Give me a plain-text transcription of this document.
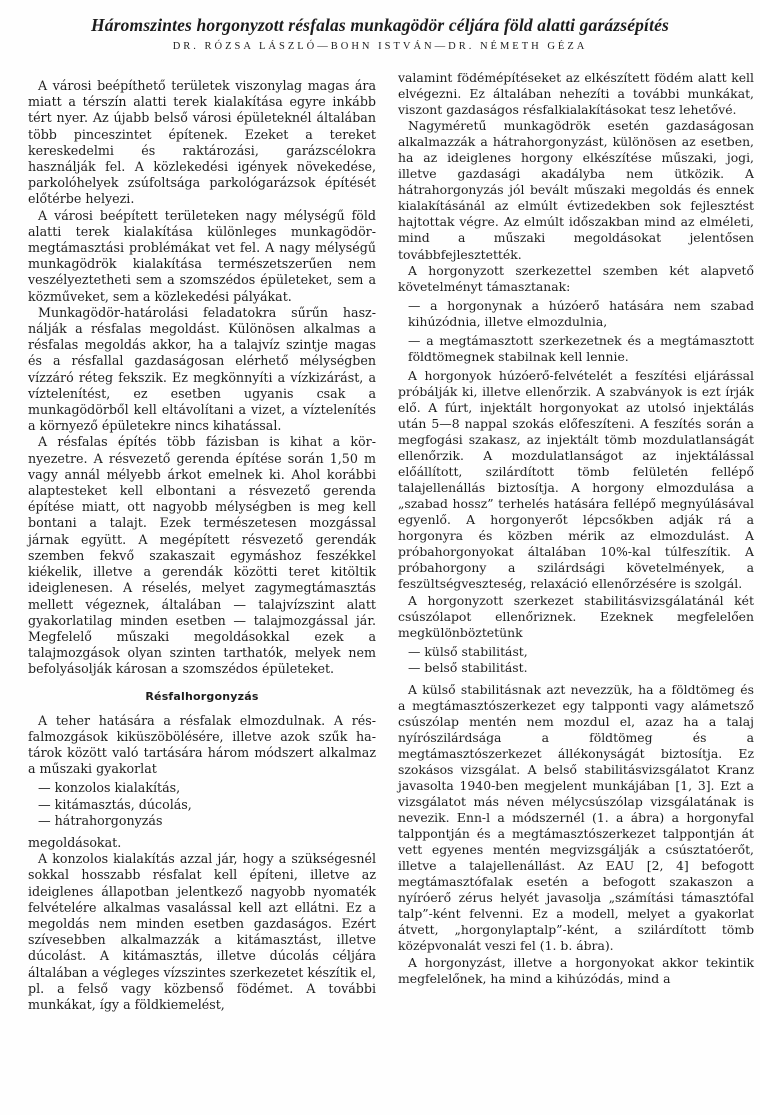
Háromszintes horgonyzott résfalas munkagödör céljára föld alatti garázsépítés
DR. RÓZSA LÁSZLÓ—BOHN ISTVÁN—DR. NÉMETH GÉZA

A városi beépíthető területek viszonylag magas ára miatt a térszín alatti terek kialakítása egyre inkább tért nyer. Az újabb belső városi épületeknél általában több pinceszintet építenek. Ezeket a tereket kereskedelmi és raktározási, garázscélokra használják fel. A közlekedési igények növekedése, parkolóhelyek zsúfoltsága parkológarázsok építését előtérbe helyezi.

A városi beépített területeken nagy mélységű föld alatti terek kialakítása különleges munkagödör-megtámasztási problémákat vet fel. A nagy mélységű munkagödrök kialakítása természetszerűen nem veszélyeztetheti sem a szomszédos épületeket, sem a közműveket, sem a közlekedési pályákat.

Munkagödör-határolási feladatokra sűrűn használják a résfalas megoldást. Különösen alkalmas a résfalas megoldás akkor, ha a talajvíz szintje magas és a résfallal gazdaságosan elérhető mélységben vízzáró réteg fekszik. Ez megkönnyíti a vízkizárást, a víztelenítést, ez esetben ugyanis csak a munkagödörből kell eltávolítani a vizet, a víztelenítés a környező épületekre nincs kihatással.

A résfalas építés több fázisban is kihat a környezetre. A résvezető gerenda építése során 1,50 m vagy annál mélyebb árkot emelnek ki. Ahol korábbi alaptesteket kell elbontani a résvezető gerenda építése miatt, ott nagyobb mélységben is meg kell bontani a talajt. Ezek természetesen mozgással járnak együtt. A megépített résvezető gerendák szemben fekvő szakaszait egymáshoz feszékkel kiékelik, illetve a gerendák közötti teret kitöltik ideiglenesen. A réselés, melyet zagymegtámasztás mellett végeznek, általában — talajvízszint alatt gyakorlatilag minden esetben — talajmozgással jár. Megfelelő műszaki megoldásokkal ezek a talajmozgások olyan szinten tarthatók, melyek nem befolyásolják károsan a szomszédos épületeket.

Résfalhorgonyzás

A teher hatására a résfalak elmozdulnak. A résfalmozgások kiküszöbölésére, illetve azok szűk határok között való tartására három módszert alkalmaz a műszaki gyakorlat

— konzolos kialakítás,
— kitámasztás, dúcolás,
— hátrahorgonyzás

megoldásokat.

A konzolos kialakítás azzal jár, hogy a szükségesnél sokkal hosszabb résfalat kell építeni, illetve az ideiglenes állapotban jelentkező nagyobb nyomaték felvételére alkalmas vasalással kell azt ellátni. Ez a megoldás nem minden esetben gazdaságos. Ezért szívesebben alkalmazzák a kitámasztást, illetve dúcolást. A kitámasztás, illetve dúcolás céljára általában a végleges vízszintes szerkezetet készítik el, pl. a felső vagy közbenső födémet. A további munkákat, így a földkiemelést,

valamint födémépítéseket az elkészített födém alatt kell elvégezni. Ez általában nehezíti a további munkákat, viszont gazdaságos résfalkialakításokat tesz lehetővé.

Nagyméretű munkagödrök esetén gazdaságosan alkalmazzák a hátrahorgonyzást, különösen az esetben, ha az ideiglenes horgony elkészítése műszaki, jogi, illetve gazdasági akadályba nem ütközik. A hátrahorgonyzás jól bevált műszaki megoldás és ennek kialakításánál az elmúlt évtizedekben sok fejlesztést hajtottak végre. Az elmúlt időszakban mind az elméleti, mind a műszaki megoldásokat jelentősen továbbfejlesztették.

A horgonyzott szerkezettel szemben két alapvető követelményt támasztanak:

— a horgonynak a húzóerő hatására nem szabad kihúzódnia, illetve elmozdulnia,
— a megtámasztott szerkezetnek és a megtámasztott földtömegnek stabilnak kell lennie.

A horgonyok húzóerő-felvételét a feszítési eljárással próbálják ki, illetve ellenőrzik. A szabványok is ezt írják elő. A fúrt, injektált horgonyokat az utolsó injektálás után 5—8 nappal szokás előfeszíteni. A feszítés során a megfogási szakasz, az injektált tömb mozdulatlanságát ellenőrzik. A mozdulatlanságot az injektálással előállított, szilárdított tömb felületén fellépő talajellenállás biztosítja. A horgony elmozdulása a „szabad hossz” terhelés hatására fellépő megnyúlásával egyenlő. A horgonyerőt lépcsőkben adják rá a horgonyra és közben mérik az elmozdulást. A próbahorgonyokat általában 10%-kal túlfeszítik. A próbahorgony a szilárdsági követelmények, a feszültségveszteség, relaxáció ellenőrzésére is szolgál.

A horgonyzott szerkezet stabilitásvizsgálatánál két csúszólapot ellenőriznek. Ezeknek megfelelően megkülönböztetünk

— külső stabilitást,
— belső stabilitást.

A külső stabilitásnak azt nevezzük, ha a földtömeg és a megtámasztószerkezet egy talpponti vagy alámetsző csúszólap mentén nem mozdul el, azaz ha a talaj nyírószilárdsága a földtömeg és a megtámasztószerkezet állékonyságát biztosítja. Ez szokásos vizsgálat. A belső stabilitásvizsgálatot Kranz javasolta 1940-ben megjelent munkájában [1, 3]. Ezt a vizsgálatot más néven mélycsúszólap vizsgálatának is nevezik. Enn-l a módszernél (1. a ábra) a horgonyfal talppontján és a megtámasztószerkezet talppontján át vett egyenes mentén megvizsgálják a csúsztatóerőt, illetve a talajellenállást. Az EAU [2, 4] befogott megtámasztófalak esetén a befogott szakaszon a nyíróerő zérus helyét javasolja „számítási támasztófal talp”-ként felvenni. Ez a modell, melyet a gyakorlat átvett, „horgonylaptalp”-ként, a szilárdított tömb középvonalát veszi fel (1. b. ábra).

A horgonyzást, illetve a horgonyokat akkor tekintik megfelelőnek, ha mind a kihúzódás, mind a
